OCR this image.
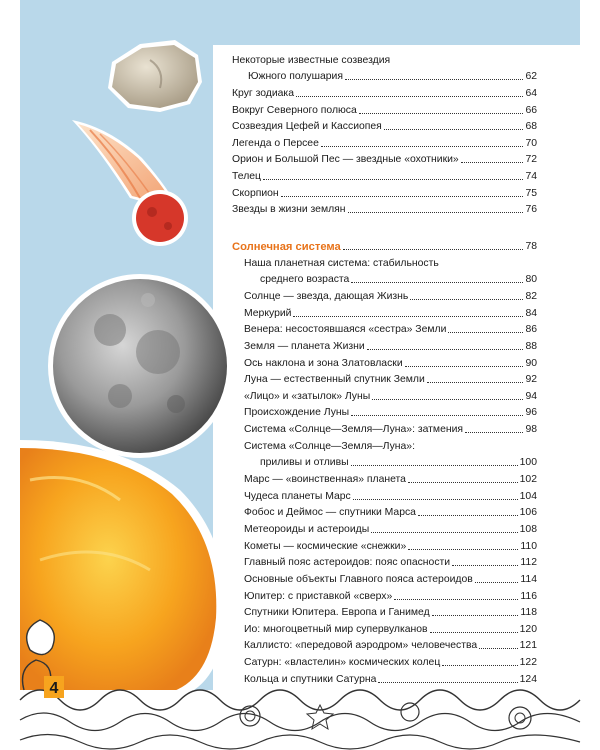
4
Некоторые известные созвездия
Южного полушария	62
Круг зодиака	64
Вокруг Северного полюса	66
Созвездия Цефей и Кассиопея	68
Легенда о Персее	70
Орион и Большой Пес — звездные «охотники»	72
Телец	74
Скорпион	75
Звезды в жизни землян	76
Солнечная система	78
Наша планетная система: стабильность
среднего возраста	80
Солнце — звезда, дающая Жизнь	82
Меркурий	84
Венера: несостоявшаяся «сестра» Земли	86
Земля — планета Жизни	88
Ось наклона и зона Златовласки	90
Луна — естественный спутник Земли	92
«Лицо» и «затылок» Луны	94
Происхождение Луны	96
Система «Солнце—Земля—Луна»: затмения	98
Система «Солнце—Земля—Луна»:
приливы и отливы	100
Марс — «воинственная» планета	102
Чудеса планеты Марс	104
Фобос и Деймос — спутники Марса	106
Метеороиды и астероиды	108
Кометы — космические «снежки»	110
Главный пояс астероидов: пояс опасности	112
Основные объекты Главного пояса астероидов	114
Юпитер: с приставкой «сверх»	116
Спутники Юпитера. Европа и Ганимед	118
Ио: многоцветный мир супервулканов	120
Каллисто: «передовой аэродром» человечества	121
Сатурн: «властелин» космических колец	122
Кольца и спутники Сатурна	124
